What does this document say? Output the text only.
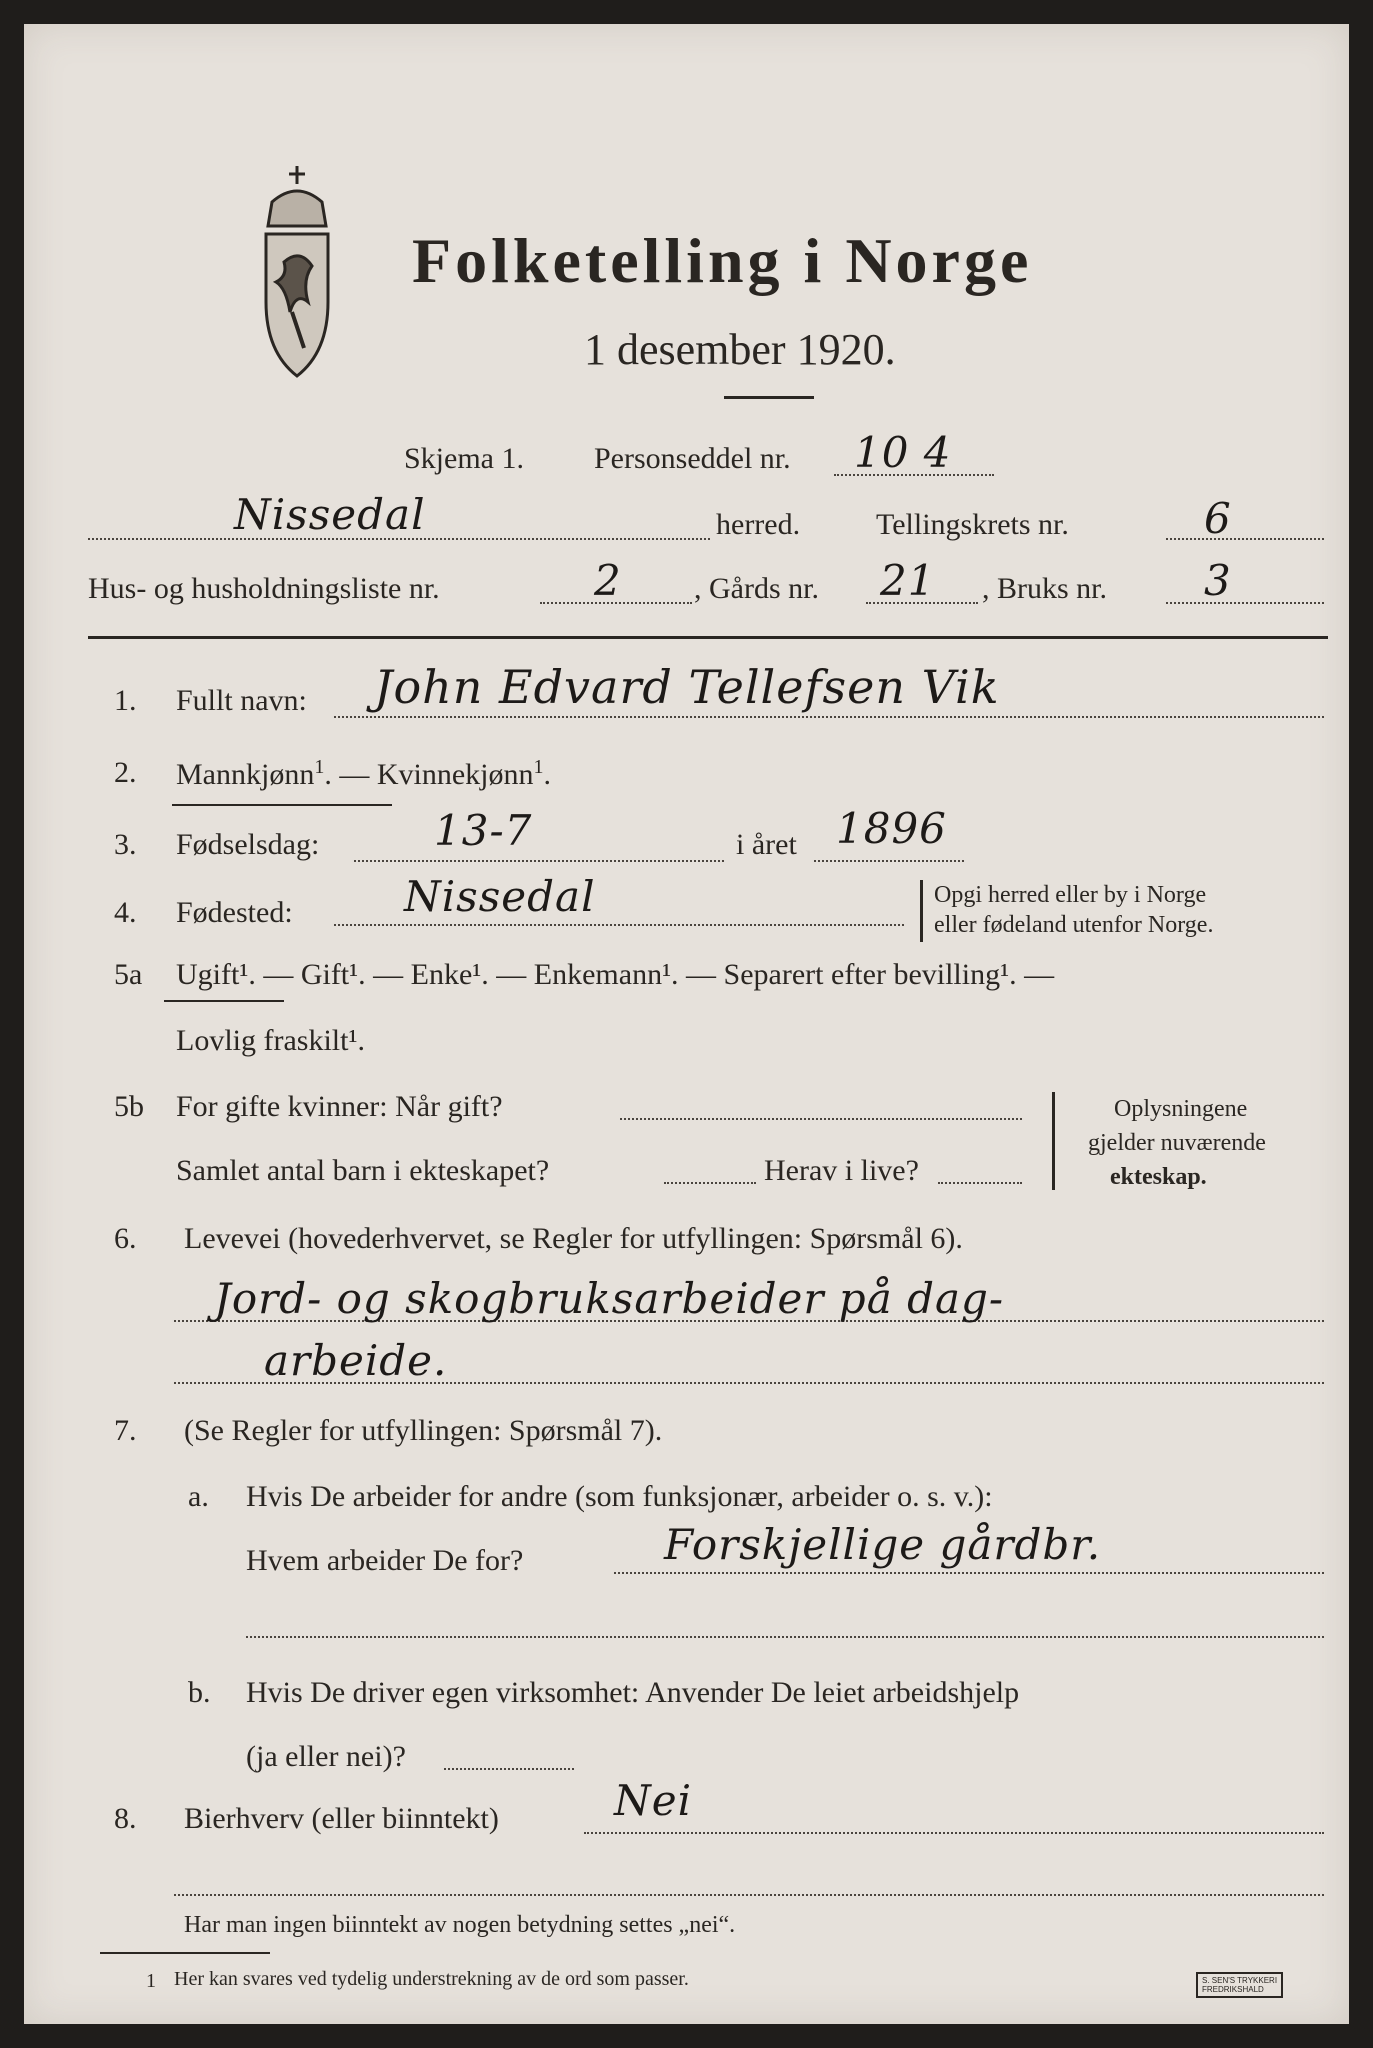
Folketelling i Norge
1 desember 1920.
Skjema 1. Personseddel nr. 10 4
Nissedal	herred.	Tellingskrets nr.	6
Hus- og husholdningsliste nr.	2 , Gårds nr. 21 , Bruks nr. 3
1. Fullt navn: John Edvard Tellefsen Vik
2. Mannkjønn$^1$. — Kvinnekjønn$^1$.
3. Fødselsdag:	13-7	i året 1896
4. Fødested:	Nissedal	Opgi herred eller by i Norge
eller fødeland utenfor Norge.
5a Ugift¹. — Gift¹. — Enke¹. — Enkemann¹. — Separert efter bevilling¹. —
Lovlig fraskilt¹.
5b For gifte kvinner: Når gift?
Samlet antal barn i ekteskapet?	Herav i live?
Oplysningene
gjelder nuværende
ekteskap.
6. Levevei (hovederhvervet, se Regler for utfyllingen: Spørsmål 6).
Jord- og skogbruksarbeider på dag-
arbeide.
7. (Se Regler for utfyllingen: Spørsmål 7).
a. Hvis De arbeider for andre (som funksjonær, arbeider o. s. v.):
Hvem arbeider De for?	Forskjellige gårdbr.
b. Hvis De driver egen virksomhet: Anvender De leiet arbeidshjelp
(ja eller nei)?
8. Bierhverv (eller biinntekt)	Nei
Har man ingen biinntekt av nogen betydning settes „nei“.
1 Her kan svares ved tydelig understrekning av de ord som passer.	S. SEN'S TRYKKERI
FREDRIKSHALD
